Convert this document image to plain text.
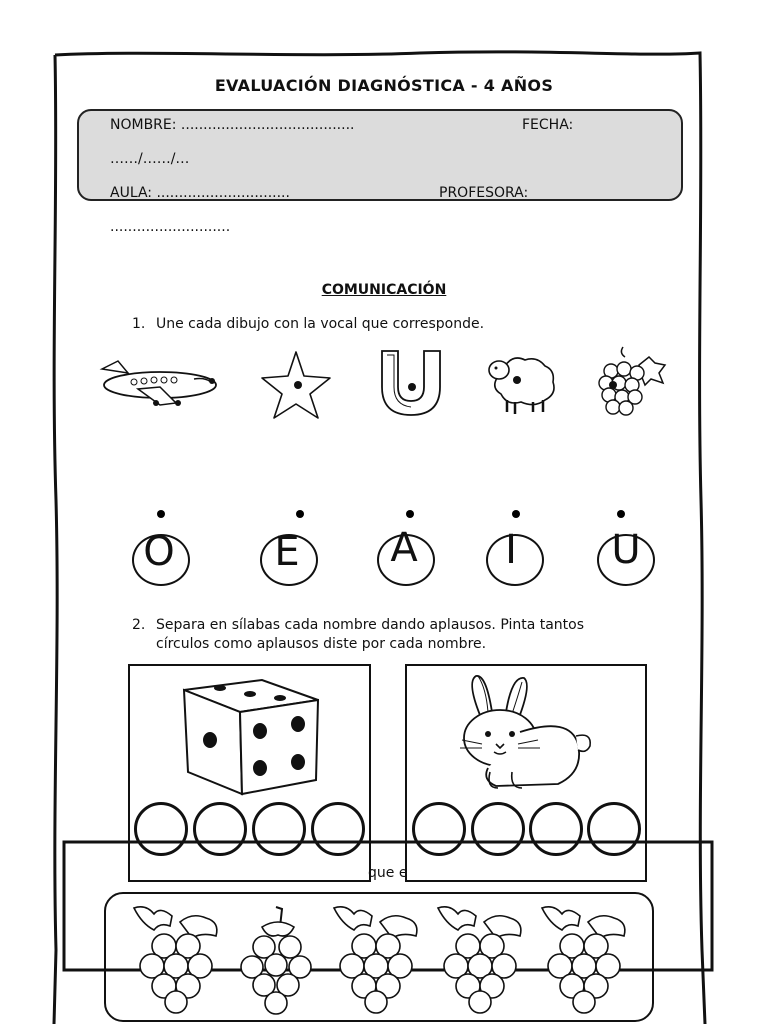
EVALUACIÓN DIAGNÓSTICA - 4 AÑOS
NOMBRE: .......................................	FECHA:
……/……/…
AULA: ..............................	PROFESORA:
...........................
COMUNICACIÓN
1. Une cada dibujo con la vocal que corresponde.
O	E	A	I	U
2. Separa en sílabas cada nombre dando aplausos. Pinta tantos
círculos como aplausos diste por cada nombre.
que e
